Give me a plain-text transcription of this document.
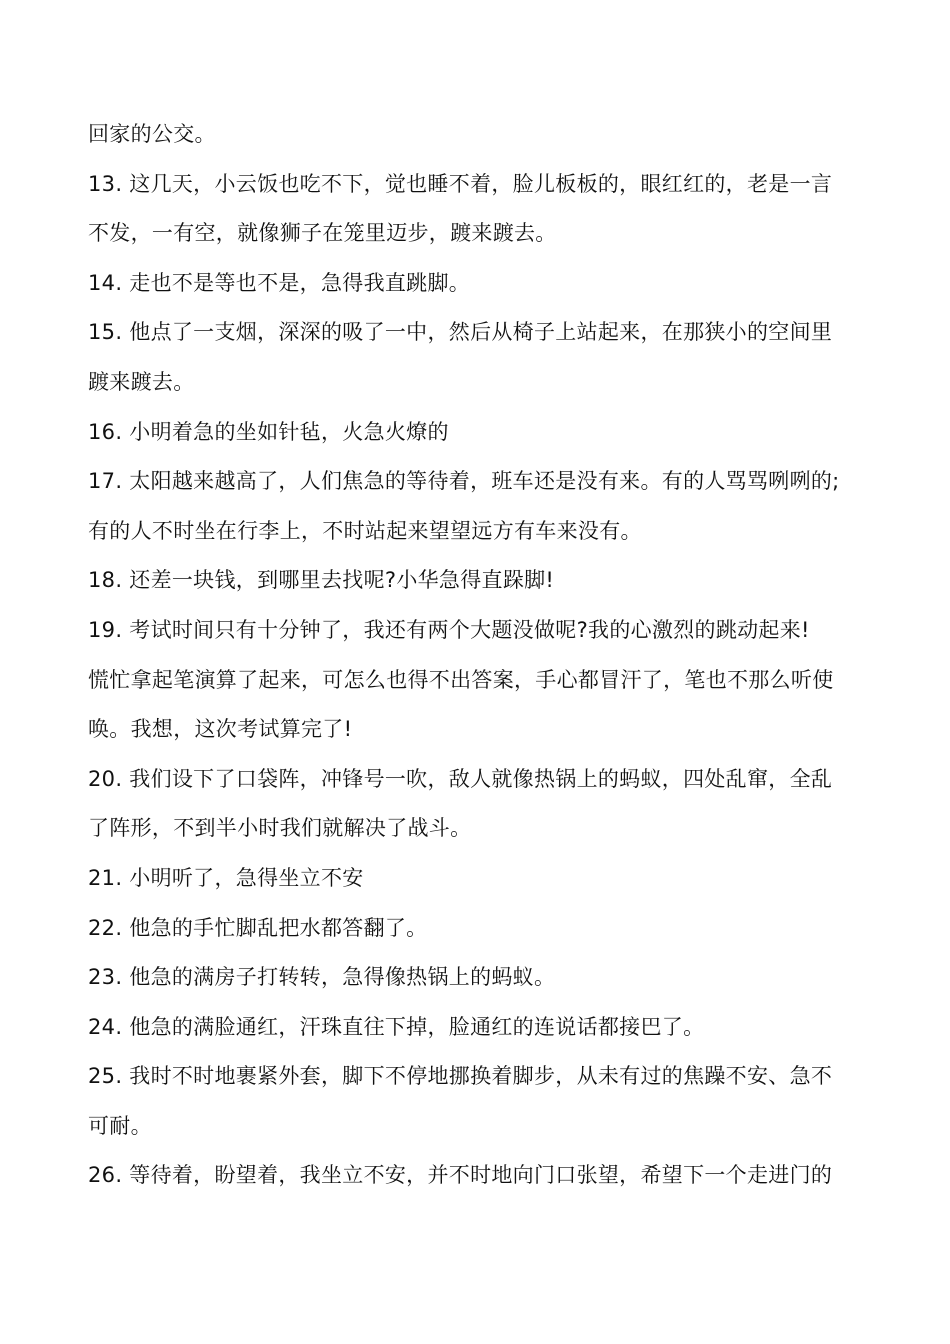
回家的公交。
13. 这几天，小云饭也吃不下，觉也睡不着，脸儿板板的，眼红红的，老是一言
不发，一有空，就像狮子在笼里迈步，踱来踱去。
14. 走也不是等也不是，急得我直跳脚。
15. 他点了一支烟，深深的吸了一中，然后从椅子上站起来，在那狭小的空间里
踱来踱去。
16. 小明着急的坐如针毡，火急火燎的
17. 太阳越来越高了，人们焦急的等待着，班车还是没有来。有的人骂骂咧咧的;
有的人不时坐在行李上，不时站起来望望远方有车来没有。
18. 还差一块钱，到哪里去找呢?小华急得直跺脚!
19. 考试时间只有十分钟了，我还有两个大题没做呢?我的心激烈的跳动起来!
慌忙拿起笔演算了起来，可怎么也得不出答案，手心都冒汗了，笔也不那么听使
唤。我想，这次考试算完了!
20. 我们设下了口袋阵，冲锋号一吹，敌人就像热锅上的蚂蚁，四处乱窜，全乱
了阵形，不到半小时我们就解决了战斗。
21. 小明听了，急得坐立不安
22. 他急的手忙脚乱把水都答翻了。
23. 他急的满房子打转转，急得像热锅上的蚂蚁。
24. 他急的满脸通红，汗珠直往下掉，脸通红的连说话都接巴了。
25. 我时不时地裹紧外套，脚下不停地挪换着脚步，从未有过的焦躁不安、急不
可耐。
26. 等待着，盼望着，我坐立不安，并不时地向门口张望，希望下一个走进门的
